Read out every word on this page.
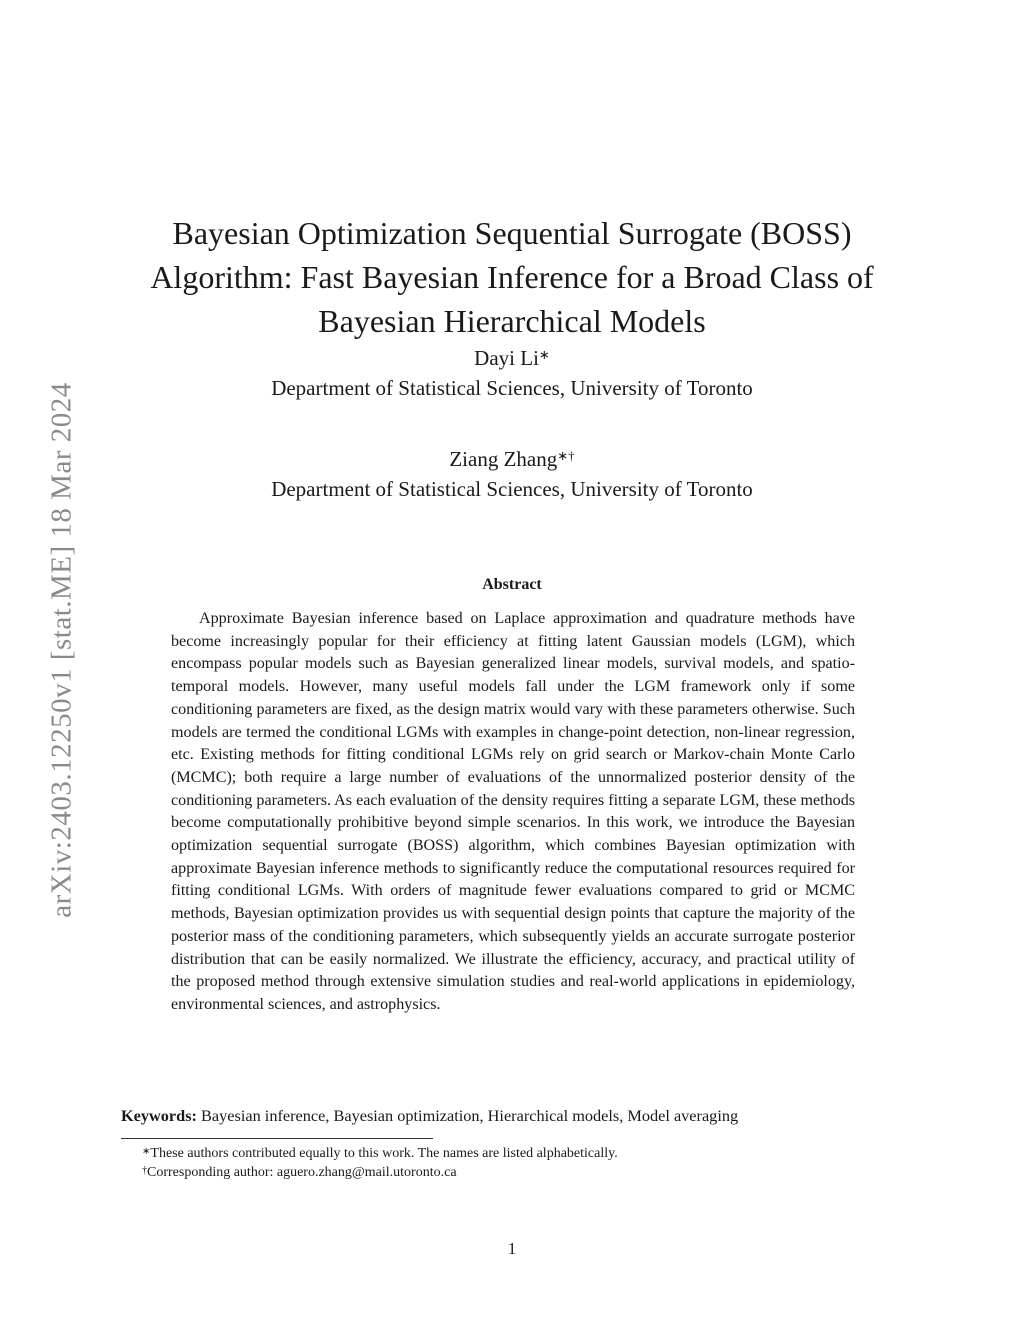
arXiv:2403.12250v1 [stat.ME] 18 Mar 2024
Bayesian Optimization Sequential Surrogate (BOSS)
Algorithm: Fast Bayesian Inference for a Broad Class of
Bayesian Hierarchical Models
Dayi Li∗
Department of Statistical Sciences, University of Toronto
Ziang Zhang∗†
Department of Statistical Sciences, University of Toronto
Abstract

Approximate Bayesian inference based on Laplace approximation and quadrature methods have become increasingly popular for their efficiency at fitting latent Gaussian models (LGM), which encompass popular models such as Bayesian generalized linear models, survival models, and spatio-temporal models. However, many useful models fall under the LGM framework only if some conditioning parameters are fixed, as the design matrix would vary with these parameters otherwise. Such models are termed the conditional LGMs with examples in change-point detection, non-linear regression, etc. Existing methods for fitting conditional LGMs rely on grid search or Markov-chain Monte Carlo (MCMC); both require a large number of evaluations of the unnormalized posterior density of the conditioning parameters. As each evaluation of the density requires fitting a separate LGM, these methods become computationally prohibitive beyond simple scenarios. In this work, we introduce the Bayesian optimization sequential surrogate (BOSS) algorithm, which combines Bayesian optimization with approximate Bayesian inference methods to significantly reduce the computational resources required for fitting conditional LGMs. With orders of magnitude fewer evaluations compared to grid or MCMC methods, Bayesian optimization provides us with sequential design points that capture the majority of the posterior mass of the conditioning parameters, which subsequently yields an accurate surrogate posterior distribution that can be easily normalized. We illustrate the efficiency, accuracy, and practical utility of the proposed method through extensive simulation studies and real-world applications in epidemiology, environmental sciences, and astrophysics.

Keywords: Bayesian inference, Bayesian optimization, Hierarchical models, Model averaging
∗These authors contributed equally to this work. The names are listed alphabetically.
†Corresponding author: aguero.zhang@mail.utoronto.ca
1
